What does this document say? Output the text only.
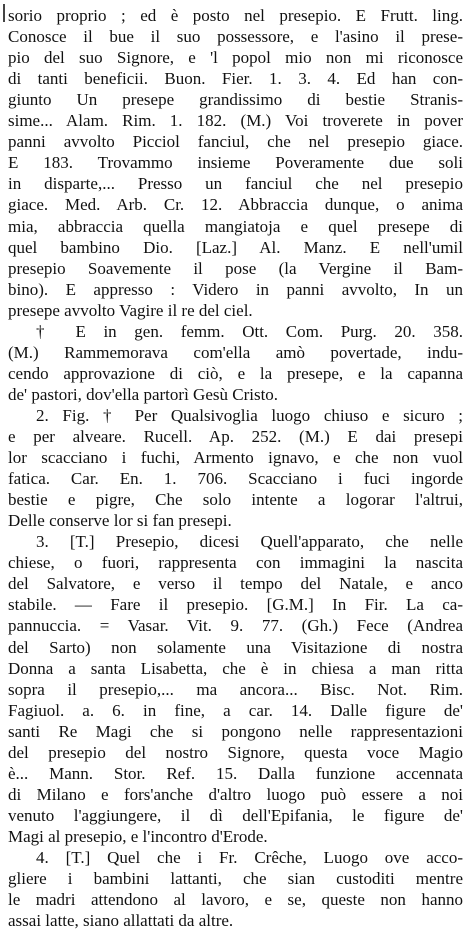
sorio proprio ; ed è posto nel presepio. E Frutt. ling.
Conosce il bue il suo possessore, e l'asino il prese-
pio del suo Signore, e 'l popol mio non mi riconosce
di tanti beneficii. Buon. Fier. 1. 3. 4. Ed han con-
giunto Un presepe grandissimo di bestie Stranis-
sime... Alam. Rim. 1. 182. (M.) Voi troverete in pover
panni avvolto Picciol fanciul, che nel presepio giace.
E 183. Trovammo insieme Poveramente due soli
in disparte,... Presso un fanciul che nel presepio
giace. Med. Arb. Cr. 12. Abbraccia dunque, o anima
mia, abbraccia quella mangiatoja e quel presepe di
quel bambino Dio. [Laz.] Al. Manz. E nell'umil
presepio Soavemente il pose (la Vergine il Bam-
bino). E appresso : Videro in panni avvolto, In un
presepe avvolto Vagire il re del ciel.
† E in gen. femm. Ott. Com. Purg. 20. 358.
(M.) Rammemorava com'ella amò povertade, indu-
cendo approvazione di ciò, e la presepe, e la capanna
de' pastori, dov'ella partorì Gesù Cristo.
2. Fig. † Per Qualsivoglia luogo chiuso e sicuro ;
e per alveare. Rucell. Ap. 252. (M.) E dai presepi
lor scacciano i fuchi, Armento ignavo, e che non vuol
fatica. Car. En. 1. 706. Scacciano i fuci ingorde
bestie e pigre, Che solo intente a logorar l'altrui,
Delle conserve lor si fan presepi.
3. [T.] Presepio, dicesi Quell'apparato, che nelle
chiese, o fuori, rappresenta con immagini la nascita
del Salvatore, e verso il tempo del Natale, e anco
stabile. — Fare il presepio. [G.M.] In Fir. La ca-
pannuccia. = Vasar. Vit. 9. 77. (Gh.) Fece (Andrea
del Sarto) non solamente una Visitazione di nostra
Donna a santa Lisabetta, che è in chiesa a man ritta
sopra il presepio,... ma ancora... Bisc. Not. Rim.
Fagiuol. a. 6. in fine, a car. 14. Dalle figure de'
santi Re Magi che si pongono nelle rappresentazioni
del presepio del nostro Signore, questa voce Magio
è... Mann. Stor. Ref. 15. Dalla funzione accennata
di Milano e fors'anche d'altro luogo può essere a noi
venuto l'aggiungere, il dì dell'Epifania, le figure de'
Magi al presepio, e l'incontro d'Erode.
4. [T.] Quel che i Fr. Crêche, Luogo ove acco-
gliere i bambini lattanti, che sian custoditi mentre
le madri attendono al lavoro, e se, queste non hanno
assai latte, siano allattati da altre.
